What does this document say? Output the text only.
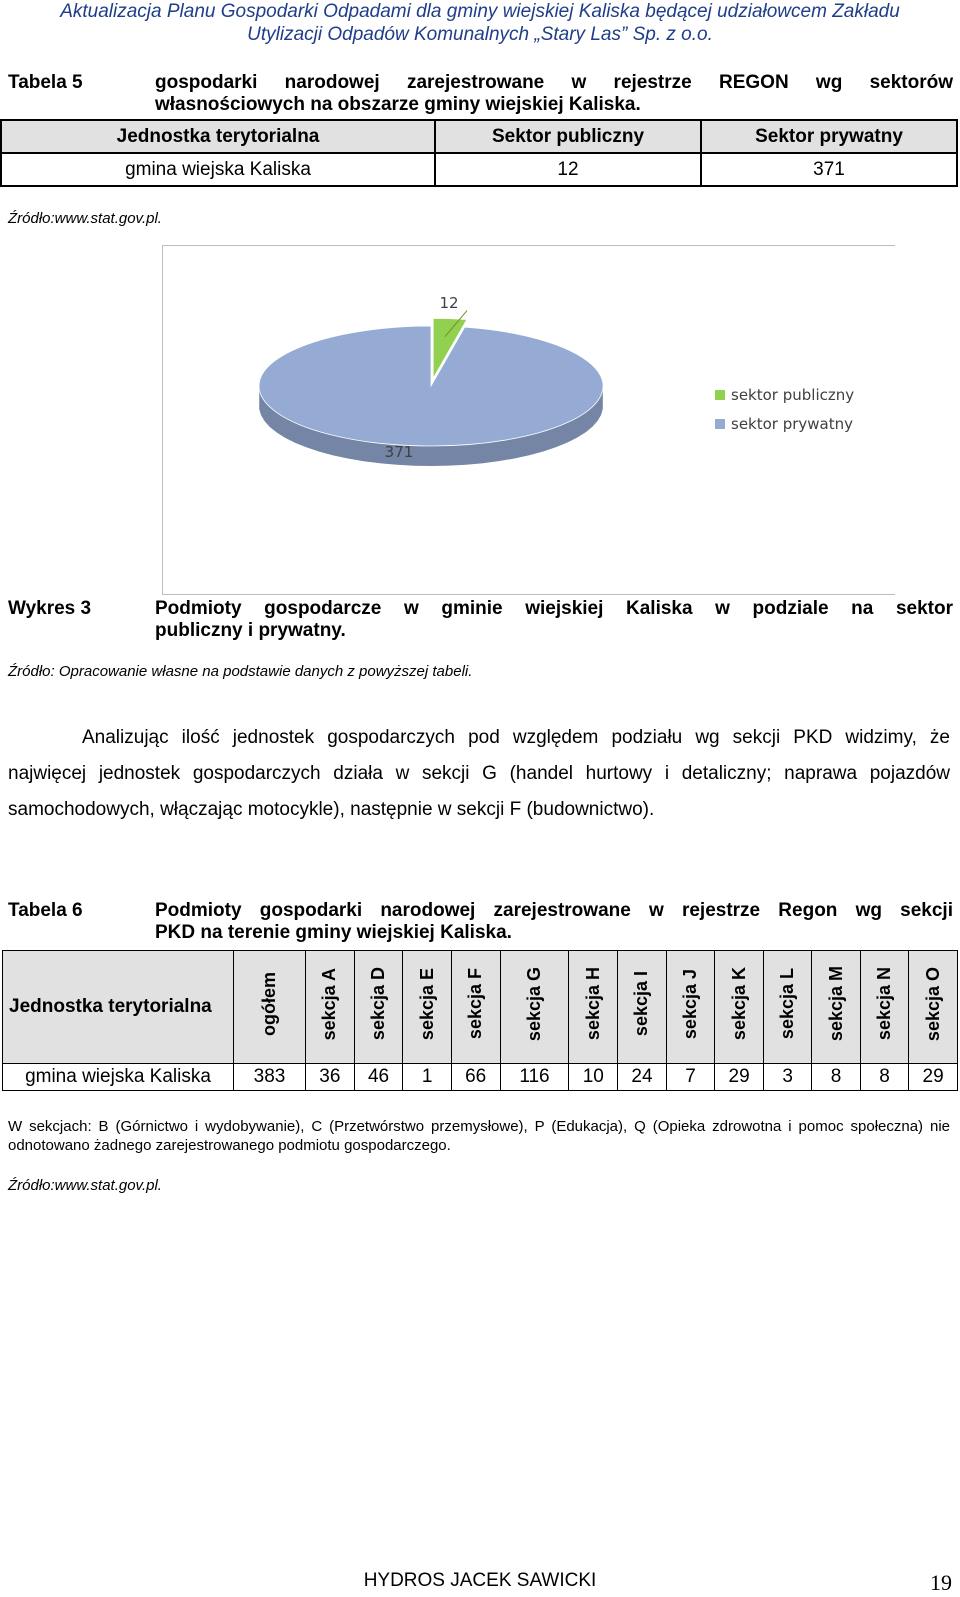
Aktualizacja Planu Gospodarki Odpadami dla gminy wiejskiej Kaliska będącej udziałowcem Zakładu
Utylizacji Odpadów Komunalnych „Stary Las” Sp. z o.o.
Tabela 5	gospodarki narodowej zarejestrowane w rejestrze REGON wg sektorów
własnościowych na obszarze gminy wiejskiej Kaliska.
Jednostka terytorialna	Sektor publiczny	Sektor prywatny
gmina wiejska Kaliska	12	371
Źródło:www.stat.gov.pl.
12
371
sektor publiczny
sektor prywatny
Wykres 3	Podmioty gospodarcze w gminie wiejskiej Kaliska w podziale na sektor
publiczny i prywatny.
Źródło: Opracowanie własne na podstawie danych z powyższej tabeli.
Analizując ilość jednostek gospodarczych pod względem podziału wg sekcji PKD widzimy, że
najwięcej jednostek gospodarczych działa w sekcji G (handel hurtowy i detaliczny; naprawa pojazdów
samochodowych, włączając motocykle), następnie w sekcji F (budownictwo).
Tabela 6	Podmioty gospodarki narodowej zarejestrowane w rejestrze Regon wg sekcji
PKD na terenie gminy wiejskiej Kaliska.
Jednostka terytorialna	ogółem	sekcja A	sekcja D	sekcja E	sekcja F	sekcja G	sekcja H	sekcja I	sekcja J	sekcja K	sekcja L	sekcja M	sekcja N	sekcja O
gmina wiejska Kaliska	383	36	46	1	66	116	10	24	7	29	3	8	8	29
W sekcjach: B (Górnictwo i wydobywanie), C (Przetwórstwo przemysłowe), P (Edukacja), Q (Opieka zdrowotna i pomoc społeczna) nie odnotowano żadnego zarejestrowanego podmiotu gospodarczego.
Źródło:www.stat.gov.pl.
HYDROS JACEK SAWICKI	19
